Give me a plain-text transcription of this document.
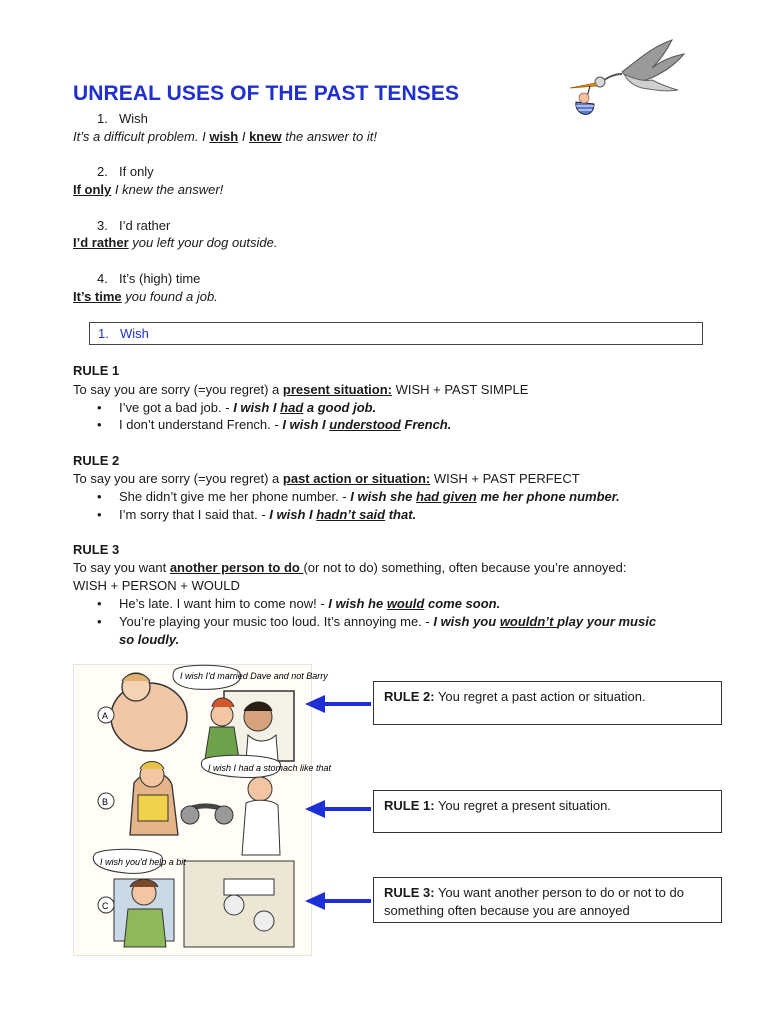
UNREAL USES OF THE PAST TENSES
1. Wish
It’s a difficult problem. I wish I knew the answer to it!
2. If only
If only I knew the answer!
3. I’d rather
I’d rather you left your dog outside.
4. It’s (high) time
It’s time you found a job.
1. Wish
RULE 1
To say you are sorry (=you regret) a present situation: WISH + PAST SIMPLE
• I’ve got a bad job. - I wish I had a good job.
• I don’t understand French. - I wish I understood French.
RULE 2
To say you are sorry (=you regret) a past action or situation: WISH + PAST PERFECT
• She didn’t give me her phone number. - I wish she had given me her phone number.
• I’m sorry that I said that. - I wish I hadn’t said that.
RULE 3
To say you want another person to do (or not to do) something, often because you’re annoyed:
WISH + PERSON + WOULD
• He’s late. I want him to come now! - I wish he would come soon.
• You’re playing your music too loud. It’s annoying me. - I wish you wouldn’t play your music
so loudly.
I wish I'd married Dave and not Barry
A
I wish I had a stomach like that
B
I wish you'd help a bit
C
RULE 2: You regret a past action or situation.
RULE 1: You regret a present situation.
RULE 3: You want another person to do or not to do something often because you are annoyed
